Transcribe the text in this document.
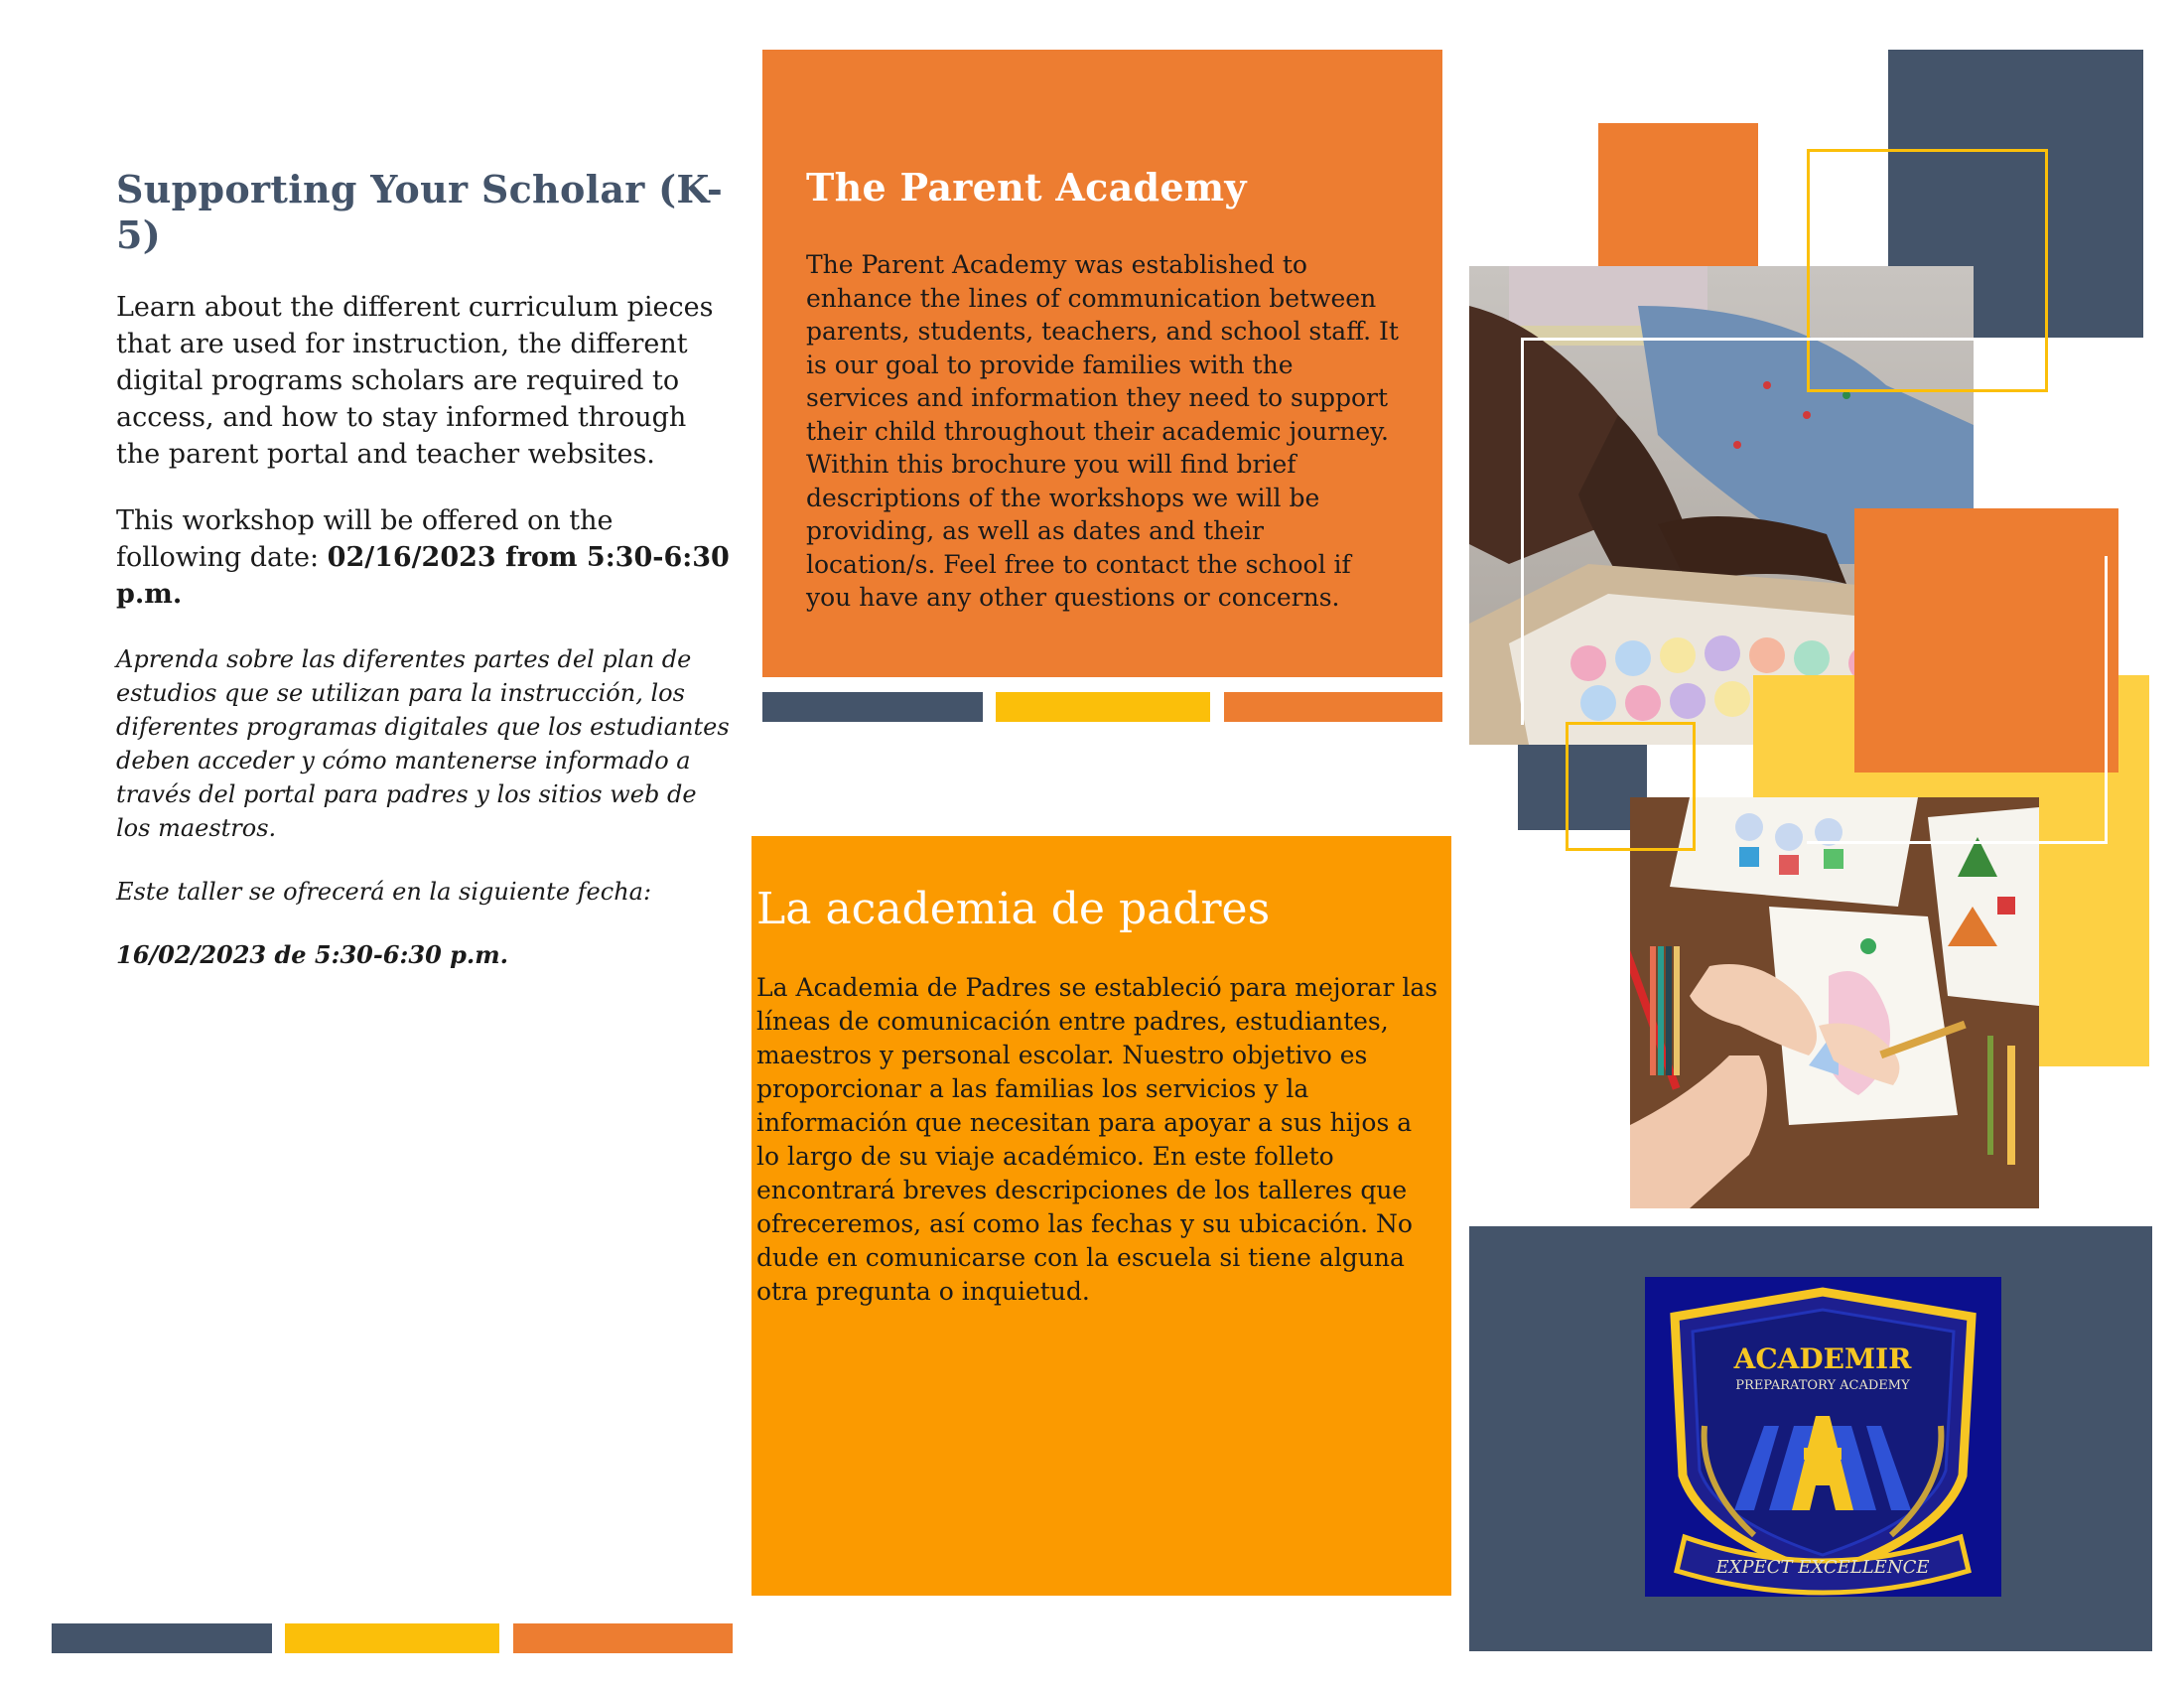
Supporting Your Scholar (K-5)

Learn about the different curriculum pieces that are used for instruction, the different digital programs scholars are required to access, and how to stay informed through the parent portal and teacher websites.

This workshop will be offered on the following date: 02/16/2023 from 5:30-6:30 p.m.

Aprenda sobre las diferentes partes del plan de estudios que se utilizan para la instrucción, los diferentes programas digitales que los estudiantes deben acceder y cómo mantenerse informado a través del portal para padres y los sitios web de los maestros.

Este taller se ofrecerá en la siguiente fecha:

16/02/2023 de 5:30-6:30 p.m.

The Parent Academy

The Parent Academy was established to enhance the lines of communication between parents, students, teachers, and school staff. It is our goal to provide families with the services and information they need to support their child throughout their academic journey. Within this brochure you will find brief descriptions of the workshops we will be providing, as well as dates and their location/s. Feel free to contact the school if you have any other questions or concerns.

La academia de padres

La Academia de Padres se estableció para mejorar las líneas de comunicación entre padres, estudiantes, maestros y personal escolar. Nuestro objetivo es proporcionar a las familias los servicios y la información que necesitan para apoyar a sus hijos a lo largo de su viaje académico. En este folleto encontrará breves descripciones de los talleres que ofreceremos, así como las fechas y su ubicación. No dude en comunicarse con la escuela si tiene alguna otra pregunta o inquietud.

ACADEMIR
PREPARATORY ACADEMY
EXPECT EXCELLENCE
